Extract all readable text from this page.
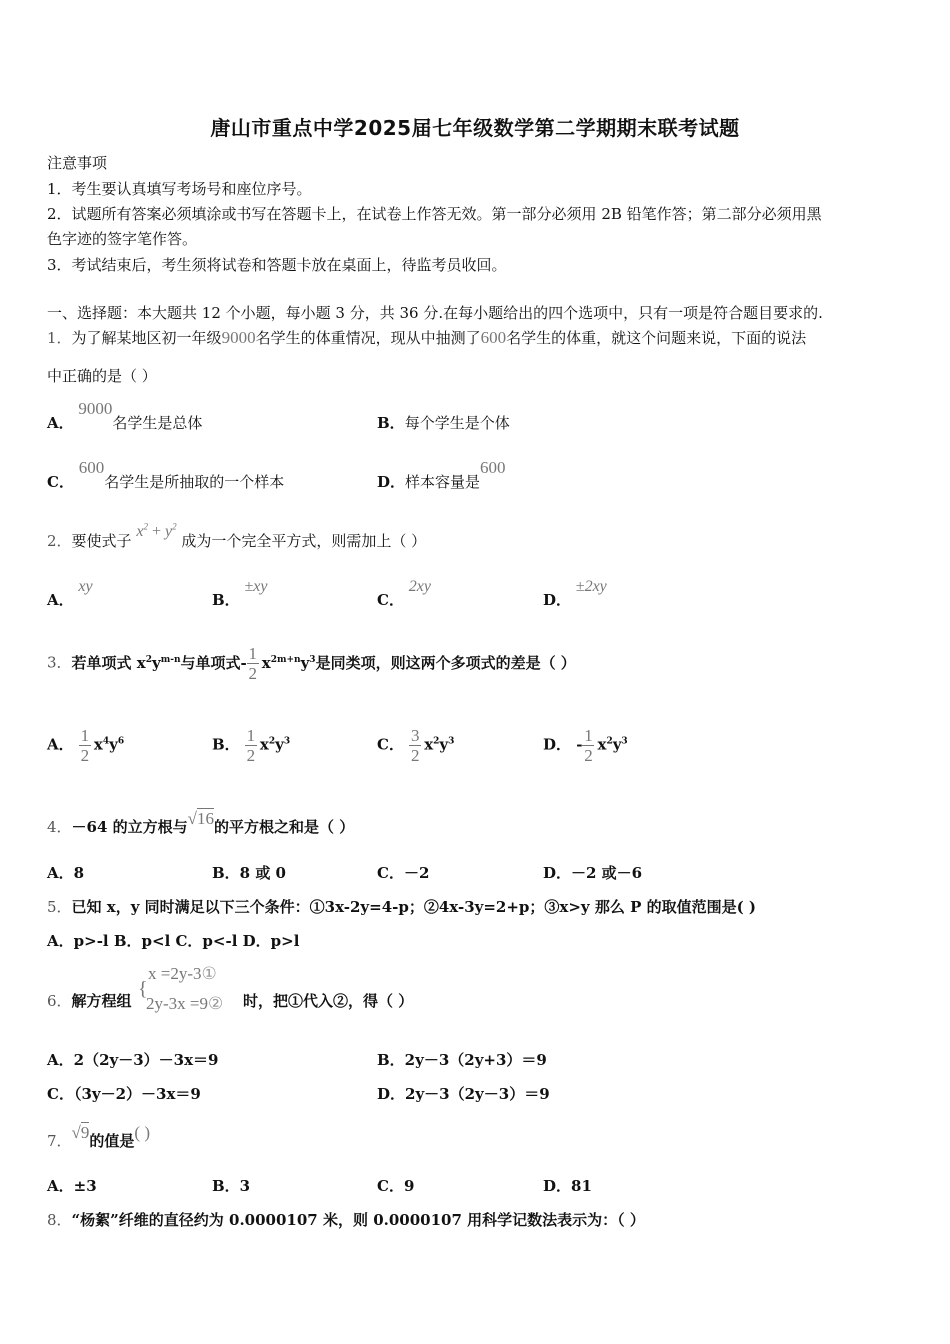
唐山市重点中学2025届七年级数学第二学期期末联考试题
注意事项
1．考生要认真填写考场号和座位序号。
2．试题所有答案必须填涂或书写在答题卡上，在试卷上作答无效。第一部分必须用 2B 铅笔作答；第二部分必须用黑
色字迹的签字笔作答。
3．考试结束后，考生须将试卷和答题卡放在桌面上，待监考员收回。
一、选择题：本大题共 12 个小题，每小题 3 分，共 36 分.在每小题给出的四个选项中，只有一项是符合题目要求的.
1．为了解某地区初一年级9000名学生的体重情况，现从中抽测了600名学生的体重，就这个问题来说，下面的说法
中正确的是（ ）
A． 9000名学生是总体	B．每个学生是个体
C． 600名学生是所抽取的一个样本	D．样本容量是600
2．要使式子 $x^2 + y^2$ 成为一个完全平方式，则需加上（ ）
A． xy
B． ±xy
C． 2xy
D． ±2xy
3．若单项式 $x^2y^{m-n}$与单项式- $\frac{1}{2} x^{2m+n}y^3$是同类项，则这两个多项式的差是（ ）
A． $\frac{1}{2} x^4y^6$	B． $\frac{1}{2} x^2y^3$	C． $\frac{3}{2} x^2y^3$	D． - $\frac{1}{2} x^2y^3$
4．－64 的立方根与√16的平方根之和是（ ）
A．8	B．8 或 0	C．－2	D．－2 或－6
5．已知 x，y 同时满足以下三个条件：①3x-2y=4-p；②4x-3y=2+p；③x>y 那么 P 的取值范围是( )
A．p>-l B．p<l C．p<-l D．p>l
6．解方程组
{
x =2y-3①
2y-3x =9② 时，把①代入②，得（ ）
A．2（2y－3）－3x＝9	B．2y－3（2y+3）＝9
C．（3y－2）－3x＝9	D．2y－3（2y－3）＝9
7．√9的值是( )
A．±3	B．3	C．9	D．81
8．“杨絮”纤维的直径约为 0.0000107 米，则 0.0000107 用科学记数法表示为：（ ）
